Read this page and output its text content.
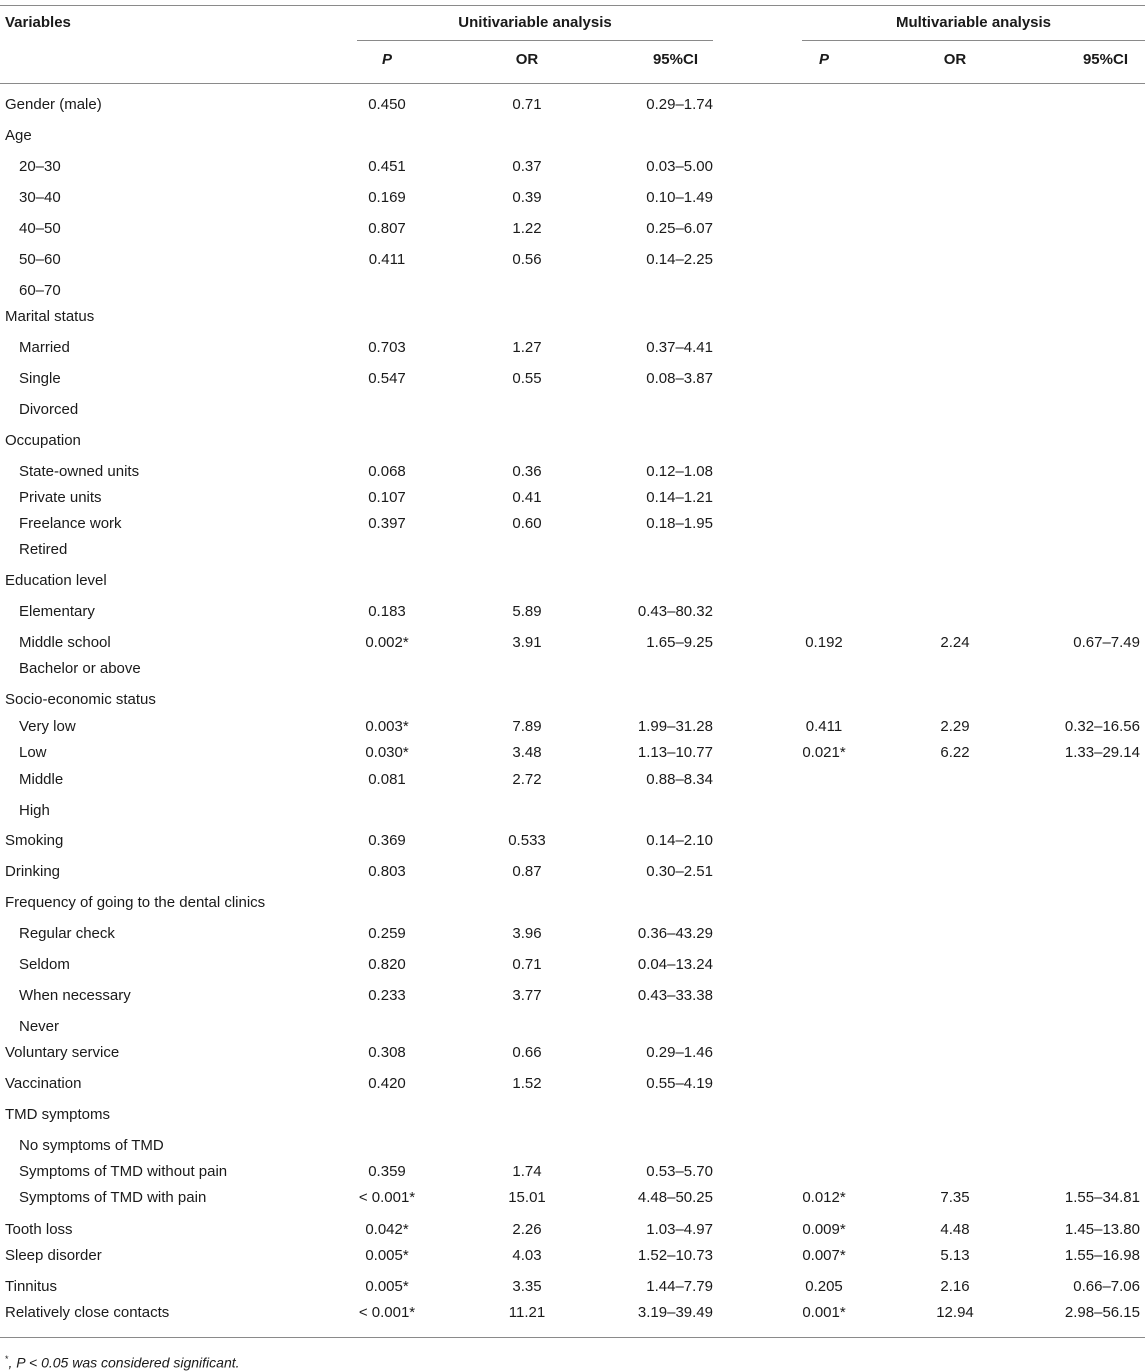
Variables	Unitivariable analysis	Multivariable analysis
P	OR	95%CI	P	OR	95%CI
Gender (male)	0.450	0.71	0.29–1.74
Age
20–30	0.451	0.37	0.03–5.00
30–40	0.169	0.39	0.10–1.49
40–50	0.807	1.22	0.25–6.07
50–60	0.411	0.56	0.14–2.25
60–70
Marital status
Married	0.703	1.27	0.37–4.41
Single	0.547	0.55	0.08–3.87
Divorced
Occupation
State-owned units	0.068	0.36	0.12–1.08
Private units	0.107	0.41	0.14–1.21
Freelance work	0.397	0.60	0.18–1.95
Retired
Education level
Elementary	0.183	5.89	0.43–80.32
Middle school	0.002*	3.91	1.65–9.25	0.192	2.24	0.67–7.49
Bachelor or above
Socio-economic status
Very low	0.003*	7.89	1.99–31.28	0.411	2.29	0.32–16.56
Low	0.030*	3.48	1.13–10.77	0.021*	6.22	1.33–29.14
Middle	0.081	2.72	0.88–8.34
High
Smoking	0.369	0.533	0.14–2.10
Drinking	0.803	0.87	0.30–2.51
Frequency of going to the dental clinics
Regular check	0.259	3.96	0.36–43.29
Seldom	0.820	0.71	0.04–13.24
When necessary	0.233	3.77	0.43–33.38
Never
Voluntary service	0.308	0.66	0.29–1.46
Vaccination	0.420	1.52	0.55–4.19
TMD symptoms
No symptoms of TMD
Symptoms of TMD without pain	0.359	1.74	0.53–5.70
Symptoms of TMD with pain	< 0.001*	15.01	4.48–50.25	0.012*	7.35	1.55–34.81
Tooth loss	0.042*	2.26	1.03–4.97	0.009*	4.48	1.45–13.80
Sleep disorder	0.005*	4.03	1.52–10.73	0.007*	5.13	1.55–16.98
Tinnitus	0.005*	3.35	1.44–7.79	0.205	2.16	0.66–7.06
Relatively close contacts	< 0.001*	11.21	3.19–39.49	0.001*	12.94	2.98–56.15
*, P < 0.05 was considered significant.
